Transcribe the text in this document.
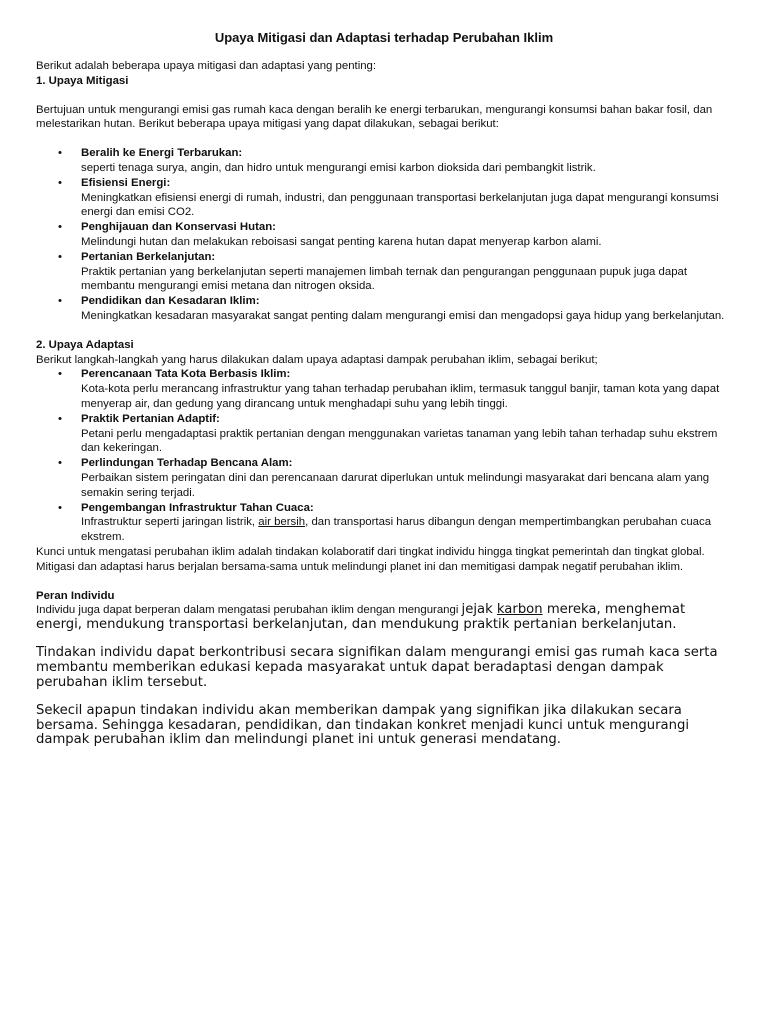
Upaya Mitigasi dan Adaptasi terhadap Perubahan Iklim

Berikut adalah beberapa upaya mitigasi dan adaptasi yang penting:

1. Upaya Mitigasi

Bertujuan untuk mengurangi emisi gas rumah kaca dengan beralih ke energi terbarukan, mengurangi konsumsi bahan bakar fosil, dan melestarikan hutan. Berikut beberapa upaya mitigasi yang dapat dilakukan, sebagai berikut:

• Beralih ke Energi Terbarukan:
seperti tenaga surya, angin, dan hidro untuk mengurangi emisi karbon dioksida dari pembangkit listrik.
• Efisiensi Energi:
Meningkatkan efisiensi energi di rumah, industri, dan penggunaan transportasi berkelanjutan juga dapat mengurangi konsumsi energi dan emisi CO2.
• Penghijauan dan Konservasi Hutan:
Melindungi hutan dan melakukan reboisasi sangat penting karena hutan dapat menyerap karbon alami.
• Pertanian Berkelanjutan:
Praktik pertanian yang berkelanjutan seperti manajemen limbah ternak dan pengurangan penggunaan pupuk juga dapat membantu mengurangi emisi metana dan nitrogen oksida.
• Pendidikan dan Kesadaran Iklim:
Meningkatkan kesadaran masyarakat sangat penting dalam mengurangi emisi dan mengadopsi gaya hidup yang berkelanjutan.

2. Upaya Adaptasi

Berikut langkah-langkah yang harus dilakukan dalam upaya adaptasi dampak perubahan iklim, sebagai berikut;

• Perencanaan Tata Kota Berbasis Iklim:
Kota-kota perlu merancang infrastruktur yang tahan terhadap perubahan iklim, termasuk tanggul banjir, taman kota yang dapat menyerap air, dan gedung yang dirancang untuk menghadapi suhu yang lebih tinggi.
• Praktik Pertanian Adaptif:
Petani perlu mengadaptasi praktik pertanian dengan menggunakan varietas tanaman yang lebih tahan terhadap suhu ekstrem dan kekeringan.
• Perlindungan Terhadap Bencana Alam:
Perbaikan sistem peringatan dini dan perencanaan darurat diperlukan untuk melindungi masyarakat dari bencana alam yang semakin sering terjadi.
• Pengembangan Infrastruktur Tahan Cuaca:
Infrastruktur seperti jaringan listrik, air bersih, dan transportasi harus dibangun dengan mempertimbangkan perubahan cuaca ekstrem.

Kunci untuk mengatasi perubahan iklim adalah tindakan kolaboratif dari tingkat individu hingga tingkat pemerintah dan tingkat global. Mitigasi dan adaptasi harus berjalan bersama-sama untuk melindungi planet ini dan memitigasi dampak negatif perubahan iklim.

Peran Individu

Individu juga dapat berperan dalam mengatasi perubahan iklim dengan mengurangi jejak karbon mereka, menghemat energi, mendukung transportasi berkelanjutan, dan mendukung praktik pertanian berkelanjutan.

Tindakan individu dapat berkontribusi secara signifikan dalam mengurangi emisi gas rumah kaca serta membantu memberikan edukasi kepada masyarakat untuk dapat beradaptasi dengan dampak perubahan iklim tersebut.

Sekecil apapun tindakan individu akan memberikan dampak yang signifikan jika dilakukan secara bersama. Sehingga kesadaran, pendidikan, dan tindakan konkret menjadi kunci untuk mengurangi dampak perubahan iklim dan melindungi planet ini untuk generasi mendatang.
